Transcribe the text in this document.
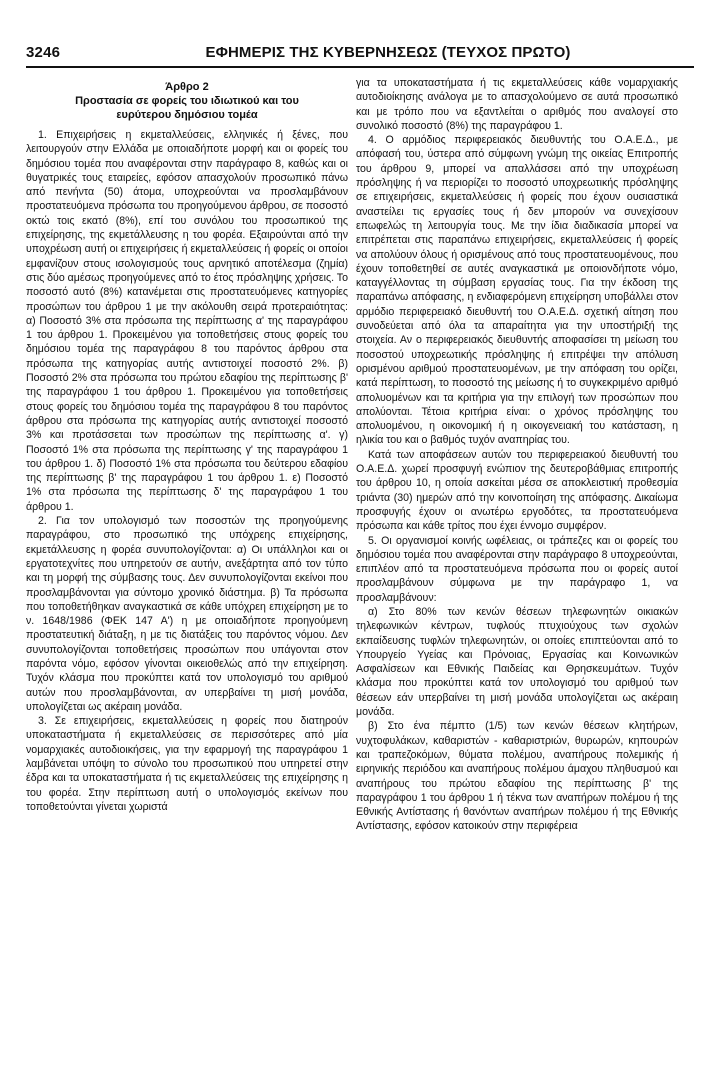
3246	ΕΦΗΜΕΡΙΣ ΤΗΣ ΚΥΒΕΡΝΗΣΕΩΣ (ΤΕΥΧΟΣ ΠΡΩΤΟ)
Άρθρο 2
Προστασία σε φορείς του ιδιωτικού και του
ευρύτερου δημόσιου τομέα

1. Επιχειρήσεις η εκμεταλλεύσεις, ελληνικές ή ξένες, που λειτουργούν στην Ελλάδα με οποιαδήποτε μορφή και οι φορείς του δημόσιου τομέα που αναφέρονται στην παράγραφο 8, καθώς και οι θυγατρικές τους εταιρείες, εφόσον απασχολούν προσωπικό πάνω από πενήντα (50) άτομα, υποχρεούνται να προσλαμβάνουν προστατευόμενα πρόσωπα του προηγούμενου άρθρου, σε ποσοστό οκτώ τοις εκατό (8%), επί του συνόλου του προσωπικού της επιχείρησης, της εκμετάλλευσης η του φορέα. Εξαιρούνται από την υποχρέωση αυτή οι επιχειρήσεις ή εκμεταλλεύσεις ή φορείς οι οποίοι εμφανίζουν στους ισολογισμούς τους αρνητικό αποτέλεσμα (ζημία) στις δύο αμέσως προηγούμενες από το έτος πρόσληψης χρήσεις. Το ποσοστό αυτό (8%) κατανέμεται στις προστατευόμενες κατηγορίες προσώπων του άρθρου 1 με την ακόλουθη σειρά προτεραιότητας: α) Ποσοστό 3% στα πρόσωπα της περίπτωσης α' της παραγράφου 1 του άρθρου 1. Προκειμένου για τοποθετήσεις στους φορείς του δημόσιου τομέα της παραγράφου 8 του παρόντος άρθρου στα πρόσωπα της κατηγορίας αυτής αντιστοιχεί ποσοστό 2%. β) Ποσοστό 2% στα πρόσωπα του πρώτου εδαφίου της περίπτωσης β' της παραγράφου 1 του άρθρου 1. Προκειμένου για τοποθετήσεις στους φορείς του δημόσιου τομέα της παραγράφου 8 του παρόντος άρθρου στα πρόσωπα της κατηγορίας αυτής αντιστοιχεί ποσοστό 3% και προτάσσεται των προσώπων της περίπτωσης α'. γ) Ποσοστό 1% στα πρόσωπα της περίπτωσης γ' της παραγράφου 1 του άρθρου 1. δ) Ποσοστό 1% στα πρόσωπα του δεύτερου εδαφίου της περίπτωσης β' της παραγράφου 1 του άρθρου 1. ε) Ποσοστό 1% στα πρόσωπα της περίπτωσης δ' της παραγράφου 1 του άρθρου 1.

2. Για τον υπολογισμό των ποσοστών της προηγούμενης παραγράφου, στο προσωπικό της υπόχρεης επιχείρησης, εκμετάλλευσης η φορέα συνυπολογίζονται: α) Οι υπάλληλοι και οι εργατοτεχνίτες που υπηρετούν σε αυτήν, ανεξάρτητα από τον τύπο και τη μορφή της σύμβασης τους. Δεν συνυπολογίζονται εκείνοι που προσλαμβάνονται για σύντομο χρονικό διάστημα. β) Τα πρόσωπα που τοποθετήθηκαν αναγκαστικά σε κάθε υπόχρεη επιχείρηση με το ν. 1648/1986 (ΦΕΚ 147 Α') η με οποιαδήποτε προηγούμενη προστατευτική διάταξη, η με τις διατάξεις του παρόντος νόμου. Δεν συνυπολογίζονται τοποθετήσεις προσώπων που υπάγονται στον παρόντα νόμο, εφόσον γίνονται οικειοθελώς από την επιχείρηση. Τυχόν κλάσμα που προκύπτει κατά τον υπολογισμό του αριθμού αυτών που προσλαμβάνονται, αν υπερβαίνει τη μισή μονάδα, υπολογίζεται ως ακέραιη μονάδα.

3. Σε επιχειρήσεις, εκμεταλλεύσεις η φορείς που διατηρούν υποκαταστήματα ή εκμεταλλεύσεις σε περισσότερες από μία νομαρχιακές αυτοδιοικήσεις, για την εφαρμογή της παραγράφου 1 λαμβάνεται υπόψη το σύνολο του προσωπικού που υπηρετεί στην έδρα και τα υποκαταστήματα ή τις εκμεταλλεύσεις της επιχείρησης η του φορέα. Στην περίπτωση αυτή ο υπολογισμός εκείνων που τοποθετούνται γίνεται χωριστά

για τα υποκαταστήματα ή τις εκμεταλλεύσεις κάθε νομαρχιακής αυτοδιοίκησης ανάλογα με το απασχολούμενο σε αυτά προσωπικό και με τρόπο που να εξαντλείται ο αριθμός που αναλογεί στο συνολικό ποσοστό (8%) της παραγράφου 1.

4. Ο αρμόδιος περιφερειακός διευθυντής του Ο.Α.Ε.Δ., με απόφασή του, ύστερα από σύμφωνη γνώμη της οικείας Επιτροπής του άρθρου 9, μπορεί να απαλλάσσει από την υποχρέωση πρόσληψης ή να περιορίζει το ποσοστό υποχρεωτικής πρόσληψης σε επιχειρήσεις, εκμεταλλεύσεις ή φορείς που έχουν ουσιαστικά αναστείλει τις εργασίες τους ή δεν μπορούν να συνεχίσουν επωφελώς τη λειτουργία τους. Με την ίδια διαδικασία μπορεί να επιτρέπεται στις παραπάνω επιχειρήσεις, εκμεταλλεύσεις ή φορείς να απολύουν όλους ή ορισμένους από τους προστατευομένους, που έχουν τοποθετηθεί σε αυτές αναγκαστικά με οποιονδήποτε νόμο, καταγγέλλοντας τη σύμβαση εργασίας τους. Για την έκδοση της παραπάνω απόφασης, η ενδιαφερόμενη επιχείρηση υποβάλλει στον αρμόδιο περιφερειακό διευθυντή του Ο.Α.Ε.Δ. σχετική αίτηση που συνοδεύεται από όλα τα απαραίτητα για την υποστήριξή της στοιχεία. Αν ο περιφερειακός διευθυντής αποφασίσει τη μείωση του ποσοστού υποχρεωτικής πρόσληψης ή επιτρέψει την απόλυση ορισμένου αριθμού προστατευομένων, με την απόφαση του ορίζει, κατά περίπτωση, το ποσοστό της μείωσης ή το συγκεκριμένο αριθμό απολυομένων και τα κριτήρια για την επιλογή των προσώπων που απολύονται. Τέτοια κριτήρια είναι: ο χρόνος πρόσληψης του απολυομένου, η οικονομική ή η οικογενειακή του κατάσταση, η ηλικία του και ο βαθμός τυχόν αναπηρίας του.

Κατά των αποφάσεων αυτών του περιφερειακού διευθυντή του Ο.Α.Ε.Δ. χωρεί προσφυγή ενώπιον της δευτεροβάθμιας επιτροπής του άρθρου 10, η οποία ασκείται μέσα σε αποκλειστική προθεσμία τριάντα (30) ημερών από την κοινοποίηση της απόφασης. Δικαίωμα προσφυγής έχουν οι ανωτέρω εργοδότες, τα προστατευόμενα πρόσωπα και κάθε τρίτος που έχει έννομο συμφέρον.

5. Οι οργανισμοί κοινής ωφέλειας, οι τράπεζες και οι φορείς του δημόσιου τομέα που αναφέρονται στην παράγραφο 8 υποχρεούνται, επιπλέον από τα προστατευόμενα πρόσωπα που οι φορείς αυτοί προσλαμβάνουν σύμφωνα με την παράγραφο 1, να προσλαμβάνουν:

α) Στο 80% των κενών θέσεων τηλεφωνητών οικιακών τηλεφωνικών κέντρων, τυφλούς πτυχιούχους των σχολών εκπαίδευσης τυφλών τηλεφωνητών, οι οποίες επιπτεύονται από το Υπουργείο Υγείας και Πρόνοιας, Εργασίας και Κοινωνικών Ασφαλίσεων και Εθνικής Παιδείας και Θρησκευμάτων. Τυχόν κλάσμα που προκύπτει κατά τον υπολογισμό του αριθμού των θέσεων εάν υπερβαίνει τη μισή μονάδα υπολογίζεται ως ακέραιη μονάδα.

β) Στο ένα πέμπτο (1/5) των κενών θέσεων κλητήρων, νυχτοφυλάκων, καθαριστών - καθαριστριών, θυρωρών, κηπουρών και τραπεζοκόμων, θύματα πολέμου, αναπήρους πολεμικής ή ειρηνικής περιόδου και αναπήρους πολέμου άμαχου πληθυσμού και αναπήρους του πρώτου εδαφίου της περίπτωσης β' της παραγράφου 1 του άρθρου 1 ή τέκνα των αναπήρων πολέμου ή της Εθνικής Αντίστασης ή θανόντων αναπήρων πολέμου ή της Εθνικής Αντίστασης, εφόσον κατοικούν στην περιφέρεια
